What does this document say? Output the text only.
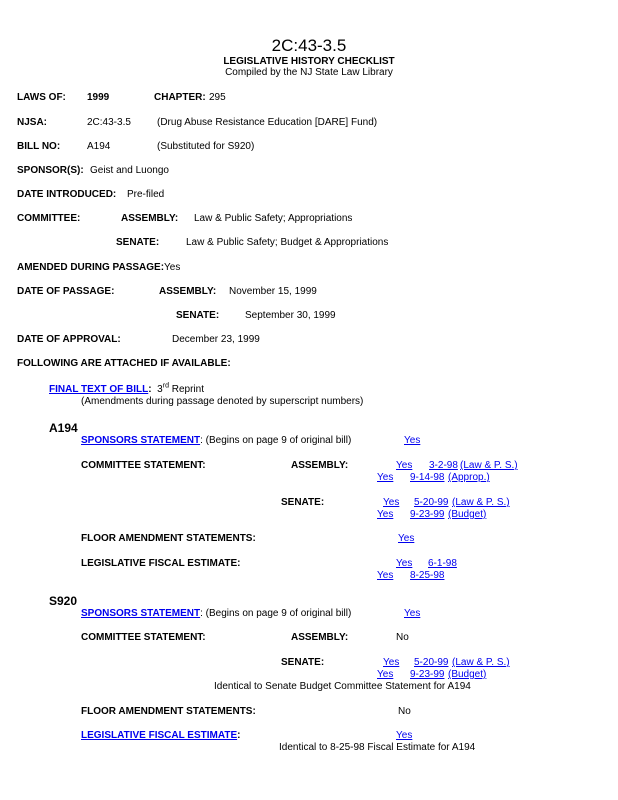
2C:43-3.5
LEGISLATIVE HISTORY CHECKLIST
Compiled by the NJ State Law Library
LAWS OF: 1999	CHAPTER: 295
NJSA:	2C:43-3.5	(Drug Abuse Resistance Education [DARE] Fund)
BILL NO:	A194	(Substituted for S920)
SPONSOR(S): Geist and Luongo
DATE INTRODUCED: Pre-filed
COMMITTEE:	ASSEMBLY: Law & Public Safety; Appropriations
SENATE:	Law & Public Safety; Budget & Appropriations
AMENDED DURING PASSAGE: Yes
DATE OF PASSAGE:	ASSEMBLY: November 15, 1999
SENATE:	September 30, 1999
DATE OF APPROVAL:	December 23, 1999
FOLLOWING ARE ATTACHED IF AVAILABLE:
FINAL TEXT OF BILL: 3rd Reprint
(Amendments during passage denoted by superscript numbers)
A194
SPONSORS STATEMENT: (Begins on page 9 of original bill)	Yes
COMMITTEE STATEMENT:	ASSEMBLY:	Yes 3-2-98 (Law & P. S.)
Yes 9-14-98 (Approp.)
SENATE:	Yes 5-20-99 (Law & P. S.)
Yes 9-23-99 (Budget)
FLOOR AMENDMENT STATEMENTS:	Yes
LEGISLATIVE FISCAL ESTIMATE:	Yes 6-1-98
Yes 8-25-98
S920
SPONSORS STATEMENT: (Begins on page 9 of original bill)	Yes
COMMITTEE STATEMENT:	ASSEMBLY:	No
SENATE:	Yes 5-20-99 (Law & P. S.)
Yes 9-23-99 (Budget)
Identical to Senate Budget Committee Statement for A194
FLOOR AMENDMENT STATEMENTS:	No
LEGISLATIVE FISCAL ESTIMATE:	Yes
Identical to 8-25-98 Fiscal Estimate for A194
